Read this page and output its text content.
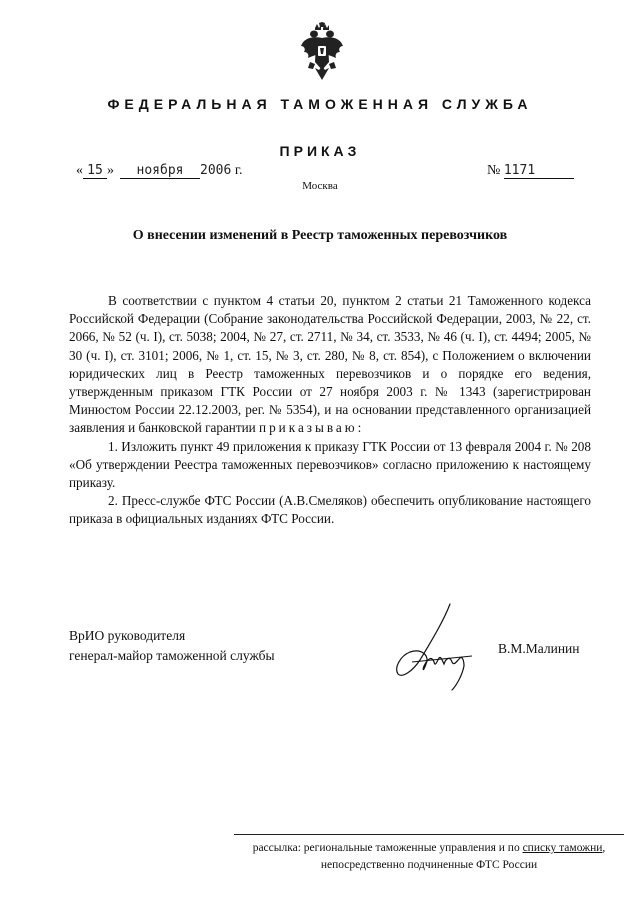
ФЕДЕРАЛЬНАЯ ТАМОЖЕННАЯ СЛУЖБА
ПРИКАЗ
« 15 » ноября 2006 г.	№ 1171
Москва
О внесении изменений в Реестр таможенных перевозчиков

В соответствии с пунктом 4 статьи 20, пунктом 2 статьи 21 Таможенного кодекса Российской Федерации (Собрание законодательства Российской Федерации, 2003, № 22, ст. 2066, № 52 (ч. I), ст. 5038; 2004, № 27, ст. 2711, № 34, ст. 3533, № 46 (ч. I), ст. 4494; 2005, № 30 (ч. I), ст. 3101; 2006, № 1, ст. 15, № 3, ст. 280, № 8, ст. 854), с Положением о включении юридических лиц в Реестр таможенных перевозчиков и о порядке его ведения, утвержденным приказом ГТК России от 27 ноября 2003 г. № 1343 (зарегистрирован Минюстом России 22.12.2003, рег. № 5354), и на основании представленного организацией заявления и банковской гарантии приказываю:

1. Изложить пункт 49 приложения к приказу ГТК России от 13 февраля 2004 г. № 208 «Об утверждении Реестра таможенных перевозчиков» согласно приложению к настоящему приказу.

2. Пресс-службе ФТС России (А.В.Смеляков) обеспечить опубликование настоящего приказа в официальных изданиях ФТС России.

ВрИО руководителя
генерал-майор таможенной службы	В.М.Малинин
рассылка: региональные таможенные управления и по списку таможни,
непосредственно подчиненные ФТС России
